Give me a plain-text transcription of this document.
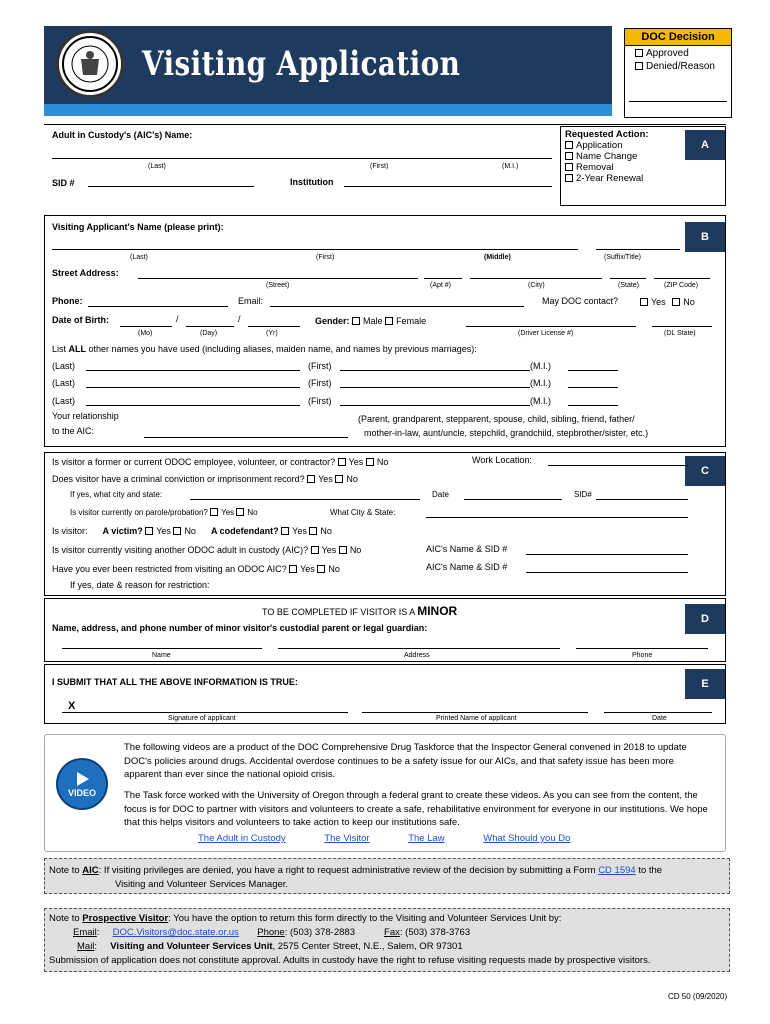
Visiting Application
DOC Decision
Approved
Denied/Reason
Adult in Custody's (AIC's) Name:
(Last)	(First)	(M.I.)
SID #	Institution
Requested Action:
Application
Name Change
Removal
2-Year Renewal
A
B
Visiting Applicant's Name (please print):
(Last)	(First)	(Middle)	(Suffix/Title)
Street Address:
(Street)	(Apt #)	(City)	(State)	(ZIP Code)
Phone:	Email:	May DOC contact?	Yes No
Date of Birth:	/	/
(Mo)	(Day)	(Yr)
Gender: Male Female
(Driver License #)	(DL State)
List ALL other names you have used (including aliases, maiden name, and names by previous marriages):
(Last)	(First)	(M.I.)
(Last)	(First)	(M.I.)
(Last)	(First)	(M.I.)
Your relationship
to the AIC:
(Parent, grandparent, stepparent, spouse, child, sibling, friend, father/
mother-in-law, aunt/uncle, stepchild, grandchild, stepbrother/sister, etc.)
C
Is visitor a former or current ODOC employee, volunteer, or contractor? Yes No	Work Location:
Does visitor have a criminal conviction or imprisonment record? Yes No
If yes, what city and state:	Date	SID#
Is visitor currently on parole/probation? Yes No	What City & State:
Is visitor: A victim? Yes No A codefendant? Yes No
Is visitor currently visiting another ODOC adult in custody (AIC)? Yes No	AIC's Name & SID #
Have you ever been restricted from visiting an ODOC AIC? Yes No	AIC's Name & SID #
If yes, date & reason for restriction:
D
TO BE COMPLETED IF VISITOR IS A MINOR
Name, address, and phone number of minor visitor's custodial parent or legal guardian:
Name	Address	Phone
E
I SUBMIT THAT ALL THE ABOVE INFORMATION IS TRUE:
X
Signature of applicant	Printed Name of applicant	Date
VIDEO
The following videos are a product of the DOC Comprehensive Drug Taskforce that the Inspector General convened in 2018 to update DOC's policies around drugs. Accidental overdose continues to be a safety issue for our AICs, and that safety issue has been more apparent than ever since the national opioid crisis.
The Task force worked with the University of Oregon through a federal grant to create these videos. As you can see from the content, the focus is for DOC to partner with visitors and volunteers to create a safe, rehabilitative environment for everyone in our institutions. We hope that this helps visitors and volunteers to take action to keep our institutions safe.
The Adult in Custody	The Visitor	The Law	What Should you Do
Note to AIC: If visiting privileges are denied, you have a right to request administrative review of the decision by submitting a Form CD 1594 to the
Visiting and Volunteer Services Manager.
Note to Prospective Visitor: You have the option to return this form directly to the Visiting and Volunteer Services Unit by:
Email:     DOC.Visitors@doc.state.or.us Phone: (503) 378-2883	Fax: (503) 378-3763
Mail:     Visiting and Volunteer Services Unit, 2575 Center Street, N.E., Salem, OR 97301
Submission of application does not constitute approval. Adults in custody have the right to refuse visiting requests made by prospective visitors.
CD 50 (09/2020)
